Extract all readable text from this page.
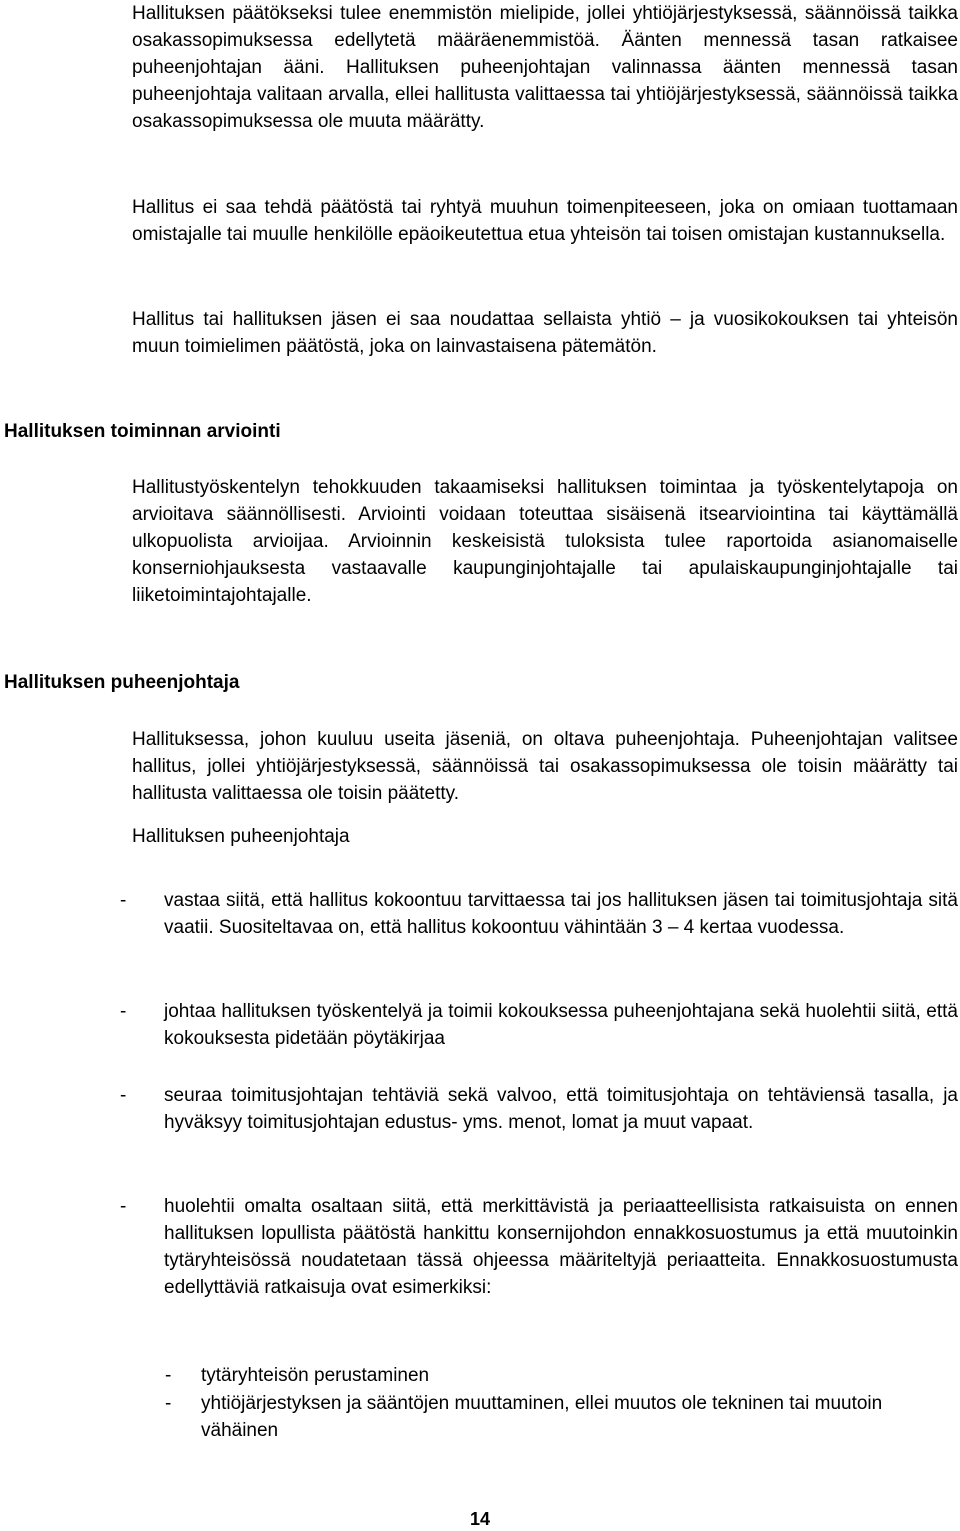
Hallituksen päätökseksi tulee enemmistön mielipide, jollei yhtiöjärjestyksessä, säännöissä taikka osakassopimuksessa edellytetä määräenemmistöä. Äänten mennessä tasan ratkaisee puheenjohtajan ääni. Hallituksen puheenjohtajan valinnassa äänten mennessä tasan puheenjohtaja valitaan arvalla, ellei hallitusta valittaessa tai yhtiöjärjestyksessä, säännöissä taikka osakassopimuksessa ole muuta määrätty.

Hallitus ei saa tehdä päätöstä tai ryhtyä muuhun toimenpiteeseen, joka on omiaan tuottamaan omistajalle tai muulle henkilölle epäoikeutettua etua yhteisön tai toisen omistajan kustannuksella.

Hallitus tai hallituksen jäsen ei saa noudattaa sellaista yhtiö – ja vuosikokouksen tai yhteisön muun toimielimen päätöstä, joka on lainvastaisena pätemätön.

Hallituksen toiminnan arviointi

Hallitustyöskentelyn tehokkuuden takaamiseksi hallituksen toimintaa ja työskentelytapoja on arvioitava säännöllisesti. Arviointi voidaan toteuttaa sisäisenä itsearviointina tai käyttämällä ulkopuolista arvioijaa. Arvioinnin keskeisistä tuloksista tulee raportoida asianomaiselle konserniohjauksesta vastaavalle kaupunginjohtajalle tai apulaiskaupunginjohtajalle tai liiketoimintajohtajalle.

Hallituksen puheenjohtaja

Hallituksessa, johon kuuluu useita jäseniä, on oltava puheenjohtaja. Puheenjohtajan valitsee hallitus, jollei yhtiöjärjestyksessä, säännöissä tai osakassopimuksessa ole toisin määrätty tai hallitusta valittaessa ole toisin päätetty.

Hallituksen puheenjohtaja

-	vastaa siitä, että hallitus kokoontuu tarvittaessa tai jos hallituksen jäsen tai toimitusjohtaja sitä vaatii. Suositeltavaa on, että hallitus kokoontuu vähintään 3 – 4 kertaa vuodessa.
-	johtaa hallituksen työskentelyä ja toimii kokouksessa puheenjohtajana sekä huolehtii siitä, että kokouksesta pidetään pöytäkirjaa
-	seuraa toimitusjohtajan tehtäviä sekä valvoo, että toimitusjohtaja on tehtäviensä tasalla, ja hyväksyy toimitusjohtajan edustus- yms. menot, lomat ja muut vapaat.
-	huolehtii omalta osaltaan siitä, että merkittävistä ja periaatteellisista ratkaisuista on ennen hallituksen lopullista päätöstä hankittu konsernijohdon ennakkosuostumus ja että muutoinkin tytäryhteisössä noudatetaan tässä ohjeessa määriteltyjä periaatteita. Ennakkosuostumusta edellyttäviä ratkaisuja ovat esimerkiksi:
-	tytäryhteisön perustaminen
-	yhtiöjärjestyksen ja sääntöjen muuttaminen, ellei muutos ole tekninen tai muutoin vähäinen
14
